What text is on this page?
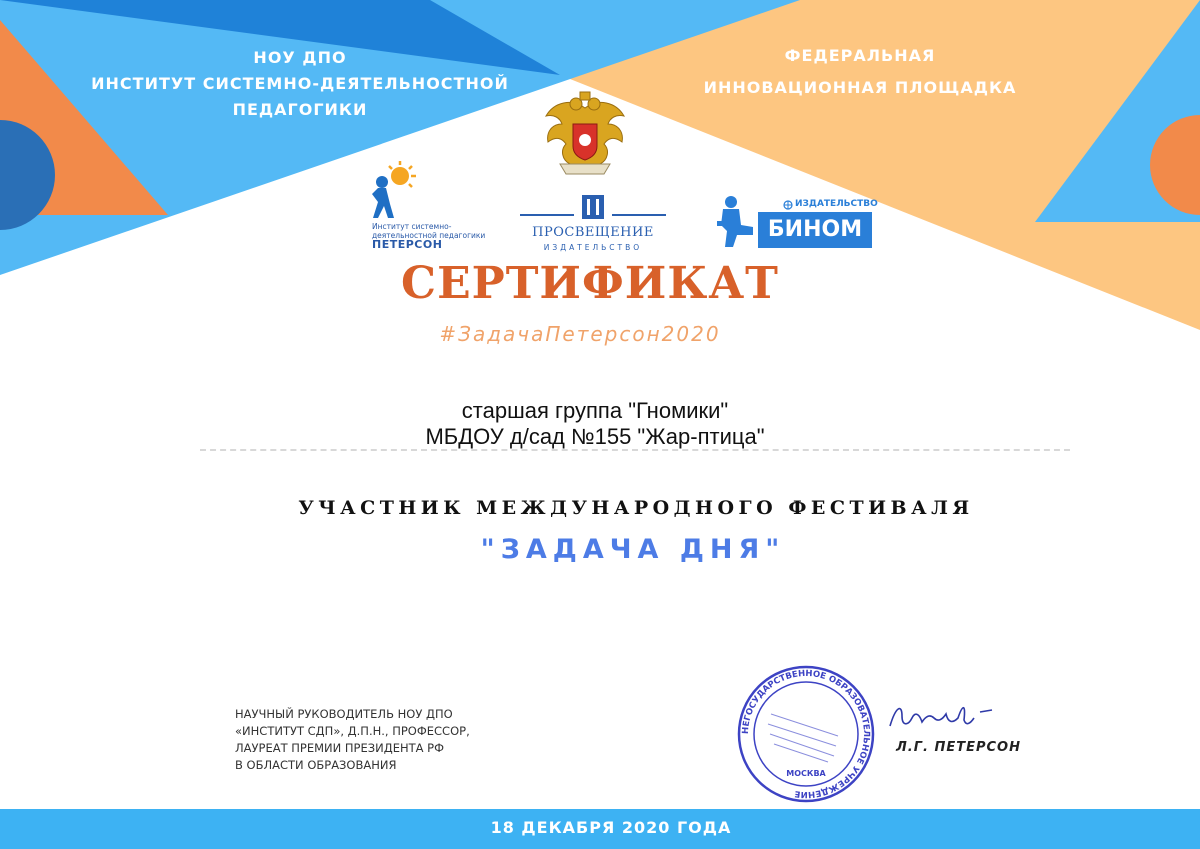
НОУ ДПО
ИНСТИТУТ СИСТЕМНО-ДЕЯТЕЛЬНОСТНОЙ
ПЕДАГОГИКИ
ФЕДЕРАЛЬНАЯ
ИННОВАЦИОННАЯ ПЛОЩАДКА
Институт системно-
деятельностной педагогики
ПЕТЕРСОН
ПРОСВЕЩЕНИЕ
ИЗДАТЕЛЬСТВО
ИЗДАТЕЛЬСТВО
БИНОМ
СЕРТИФИКАТ
#ЗадачаПетерсон2020
старшая группа "Гномики"
МБДОУ д/сад №155 "Жар-птица"
УЧАСТНИК МЕЖДУНАРОДНОГО ФЕСТИВАЛЯ
"ЗАДАЧА ДНЯ"
НАУЧНЫЙ РУКОВОДИТЕЛЬ НОУ ДПО
«ИНСТИТУТ СДП», Д.П.Н., ПРОФЕССОР,
ЛАУРЕАТ ПРЕМИИ ПРЕЗИДЕНТА РФ
В ОБЛАСТИ ОБРАЗОВАНИЯ
НЕГОСУДАРСТВЕННОЕ ОБРАЗОВАТЕЛЬНОЕ УЧРЕЖДЕНИЕ
МОСКВА
Л.Г. ПЕТЕРСОН
18 ДЕКАБРЯ 2020 ГОДА
